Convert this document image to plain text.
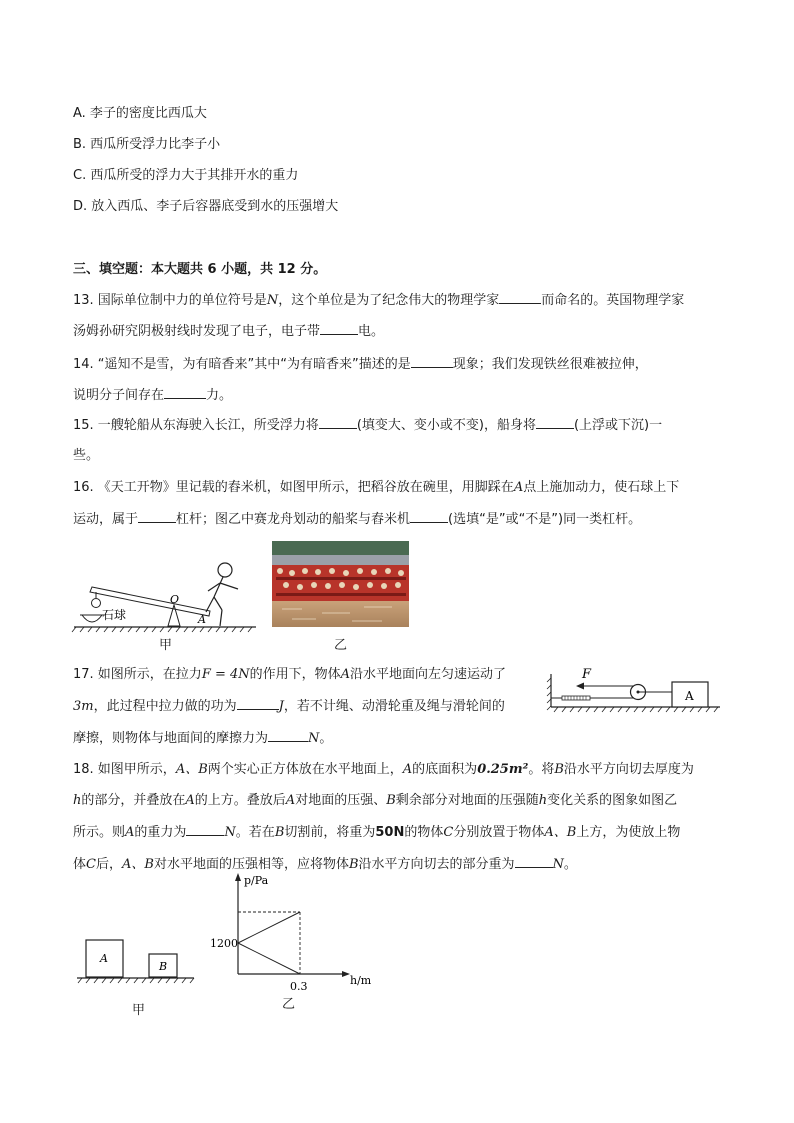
A. 李子的密度比西瓜大
B. 西瓜所受浮力比李子小
C. 西瓜所受的浮力大于其排开水的重力
D. 放入西瓜、李子后容器底受到水的压强增大
三、填空题：本大题共 6 小题，共 12 分。
13. 国际单位制中力的单位符号是N，这个单位是为了纪念伟大的物理学家	而命名的。英国物理学家
汤姆孙研究阴极射线时发现了电子，电子带	电。
14. “遥知不是雪，为有暗香来”其中“为有暗香来”描述的是	现象；我们发现铁丝很难被拉伸，
说明分子间存在	力。
15. 一艘轮船从东海驶入长江，所受浮力将	(填变大、变小或不变)，船身将	(上浮或下沉)一
些。
16. 《天工开物》里记载的舂米机，如图甲所示，把稻谷放在碗里，用脚踩在A点上施加动力，使石球上下
运动，属于	杠杆；图乙中赛龙舟划动的船桨与舂米机	(选填“是”或“不是”)同一类杠杆。
石球
O
A
甲	乙
17. 如图所示，在拉力F = 4N的作用下，物体A沿水平地面向左匀速运动了
3m，此过程中拉力做的功为	J，若不计绳、动滑轮重及绳与滑轮间的
摩擦，则物体与地面间的摩擦力为	N。
F
A
18. 如图甲所示，A、B两个实心正方体放在水平地面上，A的底面积为0.25m²。将B沿水平方向切去厚度为
h的部分，并叠放在A的上方。叠放后A对地面的压强、B剩余部分对地面的压强随h变化关系的图象如图乙
所示。则A的重力为	N。若在B切割前，将重为50N的物体C分别放置于物体A、B上方，为使放上物
体C后，A、B对水平地面的压强相等，应将物体B沿水平方向切去的部分重为	N。
A
B
甲
p/Pa
h/m
1200
0.3
乙
